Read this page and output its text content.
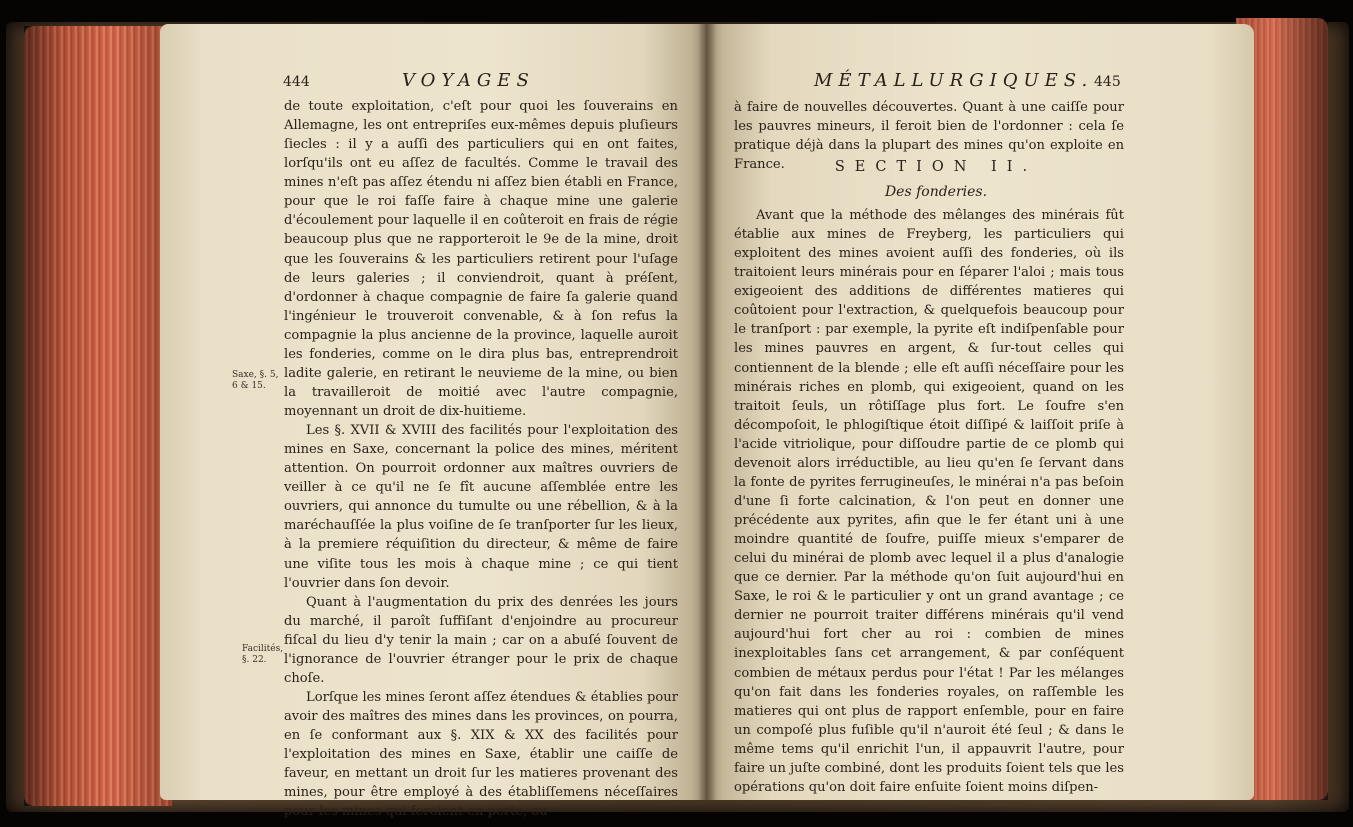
444	VOYAGES

de toute exploitation, c'eſt pour quoi les ſouverains en Allemagne, les ont entrepriſes eux-mêmes depuis pluſieurs ſiecles : il y a auſſi des particuliers qui en ont faites, lorſqu'ils ont eu aſſez de facultés. Comme le travail des mines n'eſt pas aſſez étendu ni aſſez bien établi en France, pour que le roi faſſe faire à chaque mine une galerie d'écoulement pour laquelle il en coûteroit en frais de régie beaucoup plus que ne rapporteroit le 9e de la mine, droit que les ſouverains & les particuliers retirent pour l'uſage de leurs galeries ; il conviendroit, quant à préſent, d'ordonner à chaque compagnie de faire ſa galerie quand l'ingénieur le trouveroit convenable, & à ſon refus la compagnie la plus ancienne de la province, laquelle auroit les fonderies, comme on le dira plus bas, entreprendroit ladite galerie, en retirant le neuvieme de la mine, ou bien la travailleroit de moitié avec l'autre compagnie, moyennant un droit de dix-huitieme.

Les §. XVII & XVIII des facilités pour l'exploitation des mines en Saxe, concernant la police des mines, méritent attention. On pourroit ordonner aux maîtres ouvriers de veiller à ce qu'il ne ſe fît aucune aſſemblée entre les ouvriers, qui annonce du tumulte ou une rébellion, & à la maréchauſſée la plus voiſine de ſe tranſporter ſur les lieux, à la premiere réquiſition du directeur, & même de faire une viſite tous les mois à chaque mine ; ce qui tient l'ouvrier dans ſon devoir.

Quant à l'augmentation du prix des denrées les jours du marché, il paroît ſuffiſant d'enjoindre au procureur fiſcal du lieu d'y tenir la main ; car on a abuſé ſouvent de l'ignorance de l'ouvrier étranger pour le prix de chaque choſe.

Lorſque les mines ſeront aſſez étendues & établies pour avoir des maîtres des mines dans les provinces, on pourra, en ſe conformant aux §. XIX & XX des facilités pour l'exploitation des mines en Saxe, établir une caiſſe de faveur, en mettant un droit ſur les matieres provenant des mines, pour être employé à des établiſſemens néceſſaires pour les mines qui feroient en perte, ou

Saxe, §. 5, 6 & 15.
Facilités, §. 22.
MÉTALLURGIQUES. 445

à faire de nouvelles découvertes. Quant à une caiſſe pour les pauvres mineurs, il feroit bien de l'ordonner : cela ſe pratique déjà dans la plupart des mines qu'on exploite en France.	SECTION II.
Des fonderies.

Avant que la méthode des mêlanges des minérais fût établie aux mines de Freyberg, les particuliers qui exploitent des mines avoient auſſi des fonderies, où ils traitoient leurs minérais pour en ſéparer l'aloi ; mais tous exigeoient des additions de différentes matieres qui coûtoient pour l'extraction, & quelquefois beaucoup pour le tranſport : par exemple, la pyrite eſt indiſpenſable pour les mines pauvres en argent, & ſur-tout celles qui contiennent de la blende ; elle eſt auſſi néceſſaire pour les minérais riches en plomb, qui exigeoient, quand on les traitoit ſeuls, un rôtiſſage plus fort. Le ſoufre s'en décompoſoit, le phlogiſtique étoit diſſipé & laiſſoit priſe à l'acide vitriolique, pour diſſoudre partie de ce plomb qui devenoit alors irréductible, au lieu qu'en ſe ſervant dans la fonte de pyrites ferrugineuſes, le minérai n'a pas beſoin d'une ſi forte calcination, & l'on peut en donner une précédente aux pyrites, afin que le fer étant uni à une moindre quantité de ſoufre, puiſſe mieux s'emparer de celui du minérai de plomb avec lequel il a plus d'analogie que ce dernier. Par la méthode qu'on ſuit aujourd'hui en Saxe, le roi & le particulier y ont un grand avantage ; ce dernier ne pourroit traiter différens minérais qu'il vend aujourd'hui fort cher au roi : combien de mines inexploitables ſans cet arrangement, & par conſéquent combien de métaux perdus pour l'état ! Par les mélanges qu'on fait dans les fonderies royales, on raſſemble les matieres qui ont plus de rapport enſemble, pour en faire un compoſé plus fuſible qu'il n'auroit été ſeul ; & dans le même tems qu'il enrichit l'un, il appauvrit l'autre, pour faire un juſte combiné, dont les produits ſoient tels que les opérations qu'on doit faire enſuite ſoient moins diſpen-
